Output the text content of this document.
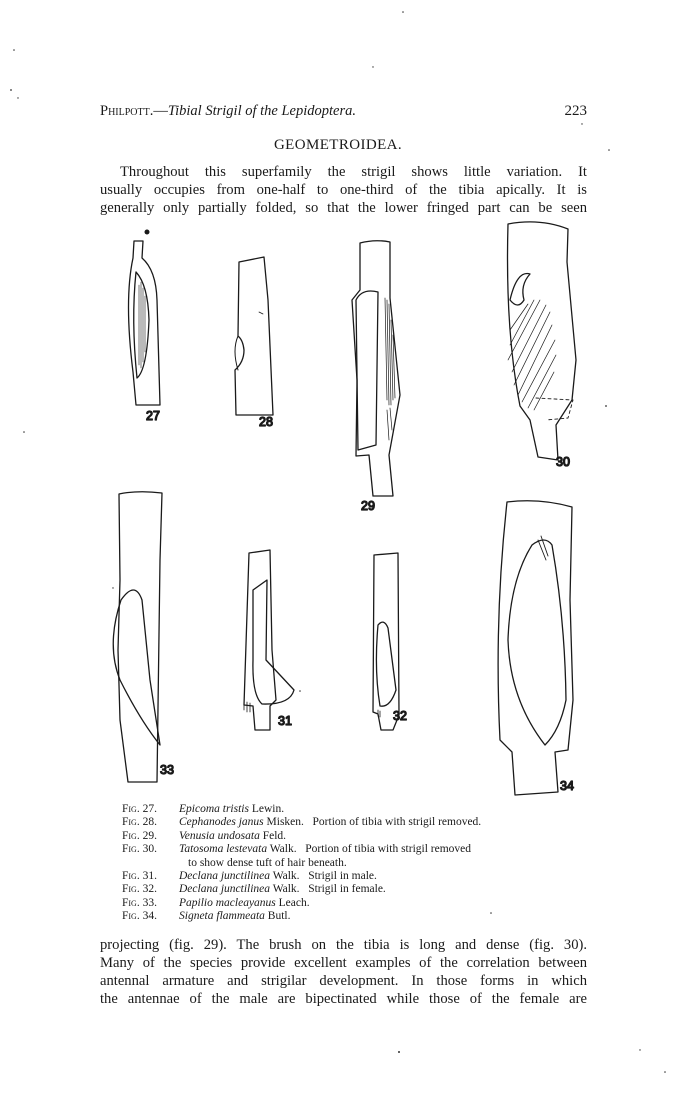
Philpott.—Tibial Strigil of the Lepidoptera.	223
GEOMETROIDEA.
Throughout this superfamily the strigil shows little variation. It
usually occupies from one-half to one-third of the tibia apically. It is
generally only partially folded, so that the lower fringed part can be seen
27	28
29
30
33
31	32
34
Fig. 27. Epicoma tristis Lewin.
Fig. 28. Cephanodes janus Misken. Portion of tibia with strigil removed.
Fig. 29. Venusia undosata Feld.
Fig. 30. Tatosoma lestevata Walk. Portion of tibia with strigil removed
to show dense tuft of hair beneath.
Fig. 31. Declana junctilinea Walk. Strigil in male.
Fig. 32. Declana junctilinea Walk. Strigil in female.
Fig. 33. Papilio macleayanus Leach.
Fig. 34. Signeta flammeata Butl.
projecting (fig. 29). The brush on the tibia is long and dense (fig. 30).
Many of the species provide excellent examples of the correlation between
antennal armature and strigilar development. In those forms in which
the antennae of the male are bipectinated while those of the female are
